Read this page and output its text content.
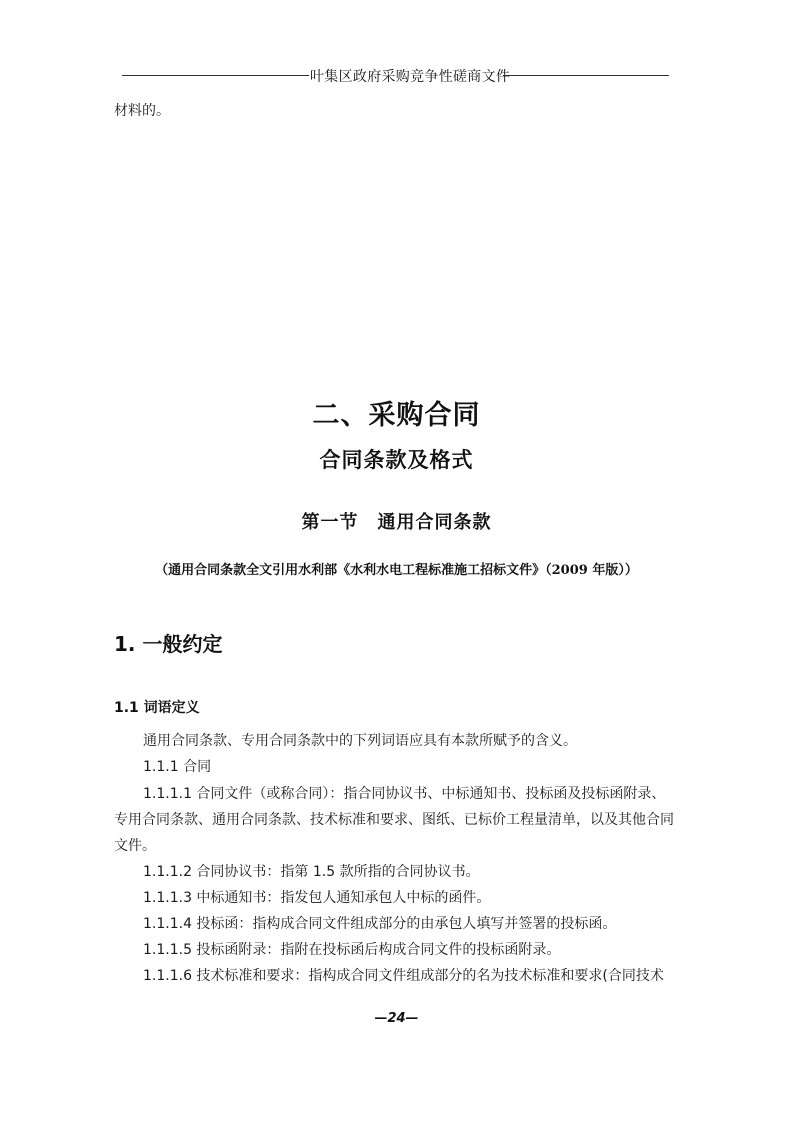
叶集区政府采购竞争性磋商文件
材料的。
二、采购合同
合同条款及格式
第一节　通用合同条款
（通用合同条款全文引用水利部《水利水电工程标准施工招标文件》（2009 年版））
1. 一般约定
1.1 词语定义
通用合同条款、专用合同条款中的下列词语应具有本款所赋予的含义。
1.1.1 合同
1.1.1.1 合同文件（或称合同）：指合同协议书、中标通知书、投标函及投标函附录、
专用合同条款、通用合同条款、技术标准和要求、图纸、已标价工程量清单，以及其他合同
文件。
1.1.1.2 合同协议书：指第 1.5 款所指的合同协议书。
1.1.1.3 中标通知书：指发包人通知承包人中标的函件。
1.1.1.4 投标函：指构成合同文件组成部分的由承包人填写并签署的投标函。
1.1.1.5 投标函附录：指附在投标函后构成合同文件的投标函附录。
1.1.1.6 技术标准和要求：指构成合同文件组成部分的名为技术标准和要求(合同技术
—24—
